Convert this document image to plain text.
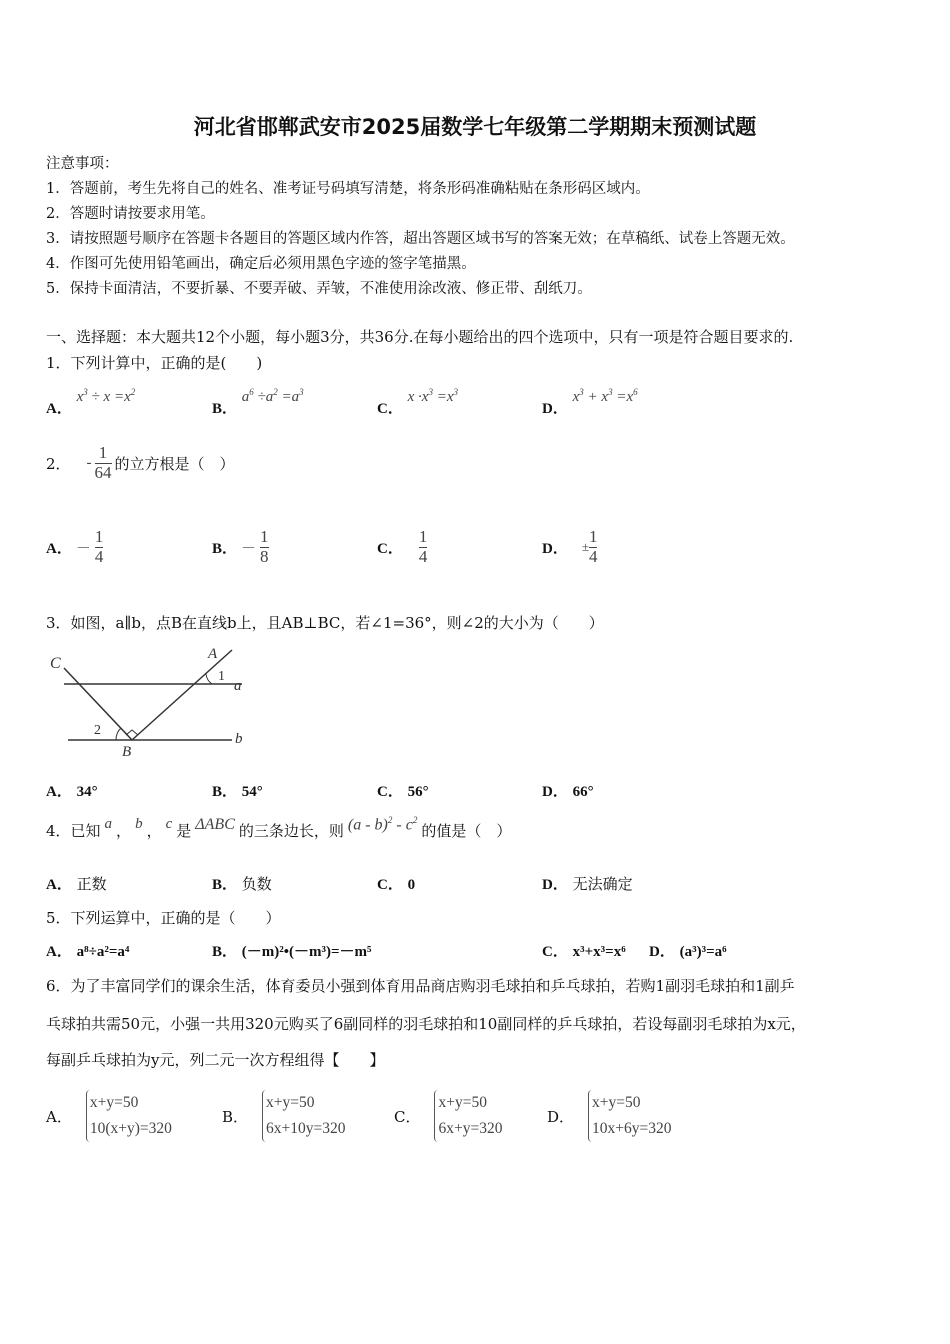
河北省邯郸武安市2025届数学七年级第二学期期末预测试题
注意事项：
1．答题前，考生先将自己的姓名、准考证号码填写清楚，将条形码准确粘贴在条形码区域内。
2．答题时请按要求用笔。
3．请按照题号顺序在答题卡各题目的答题区域内作答，超出答题区域书写的答案无效；在草稿纸、试卷上答题无效。
4．作图可先使用铅笔画出，确定后必须用黑色字迹的签字笔描黑。
5．保持卡面清洁，不要折暴、不要弄破、弄皱，不准使用涂改液、修正带、刮纸刀。
一、选择题：本大题共12个小题，每小题3分，共36分.在每小题给出的四个选项中，只有一项是符合题目要求的.
1．下列计算中，正确的是(　　)
A． $x^3 \div x =x^2$
B． $a^6 \div a^2 =a^3$
C． $x \cdot x^3 =x^3$
D． $x^3 + x^3 =x^6$
2． - $\frac{1}{64}$ 的立方根是（　）
A． － $\frac{1}{4}$	B． － $\frac{1}{8}$	C． $\frac{1}{4}$	D． ± $\frac{1}{4}$
3．如图，a∥b，点B在直线b上，且AB⊥BC，若∠1=36°，则∠2的大小为（　　）
C
A
1
a
2
B
b
A． 34°	B． 54°	C． 56°	D． 66°
4．已知 a ， b ， c 是 ΔABC 的三条边长，则 $(a - b)^2 - c^2$
的值是（　）
A． 正数	B． 负数	C． 0	D． 无法确定
5．下列运算中，正确的是（　　）
A． a⁸÷a²=a⁴	B． (－m)²•(－m³)=－m⁵	C． x³+x³=x⁶ D． (a³)³=a⁶
6．为了丰富同学们的课余生活，体育委员小强到体育用品商店购羽毛球拍和乒乓球拍，若购1副羽毛球拍和1副乒
乓球拍共需50元，小强一共用320元购买了6副同样的羽毛球拍和10副同样的乒乓球拍，若设每副羽毛球拍为x元，
每副乒乓球拍为y元，列二元一次方程组得【　　】
A．
x+y=50
10(x+y)=320
B．
x+y=50
6x+10y=320
C．
x+y=50
6x+y=320
D．
x+y=50
10x+6y=320
